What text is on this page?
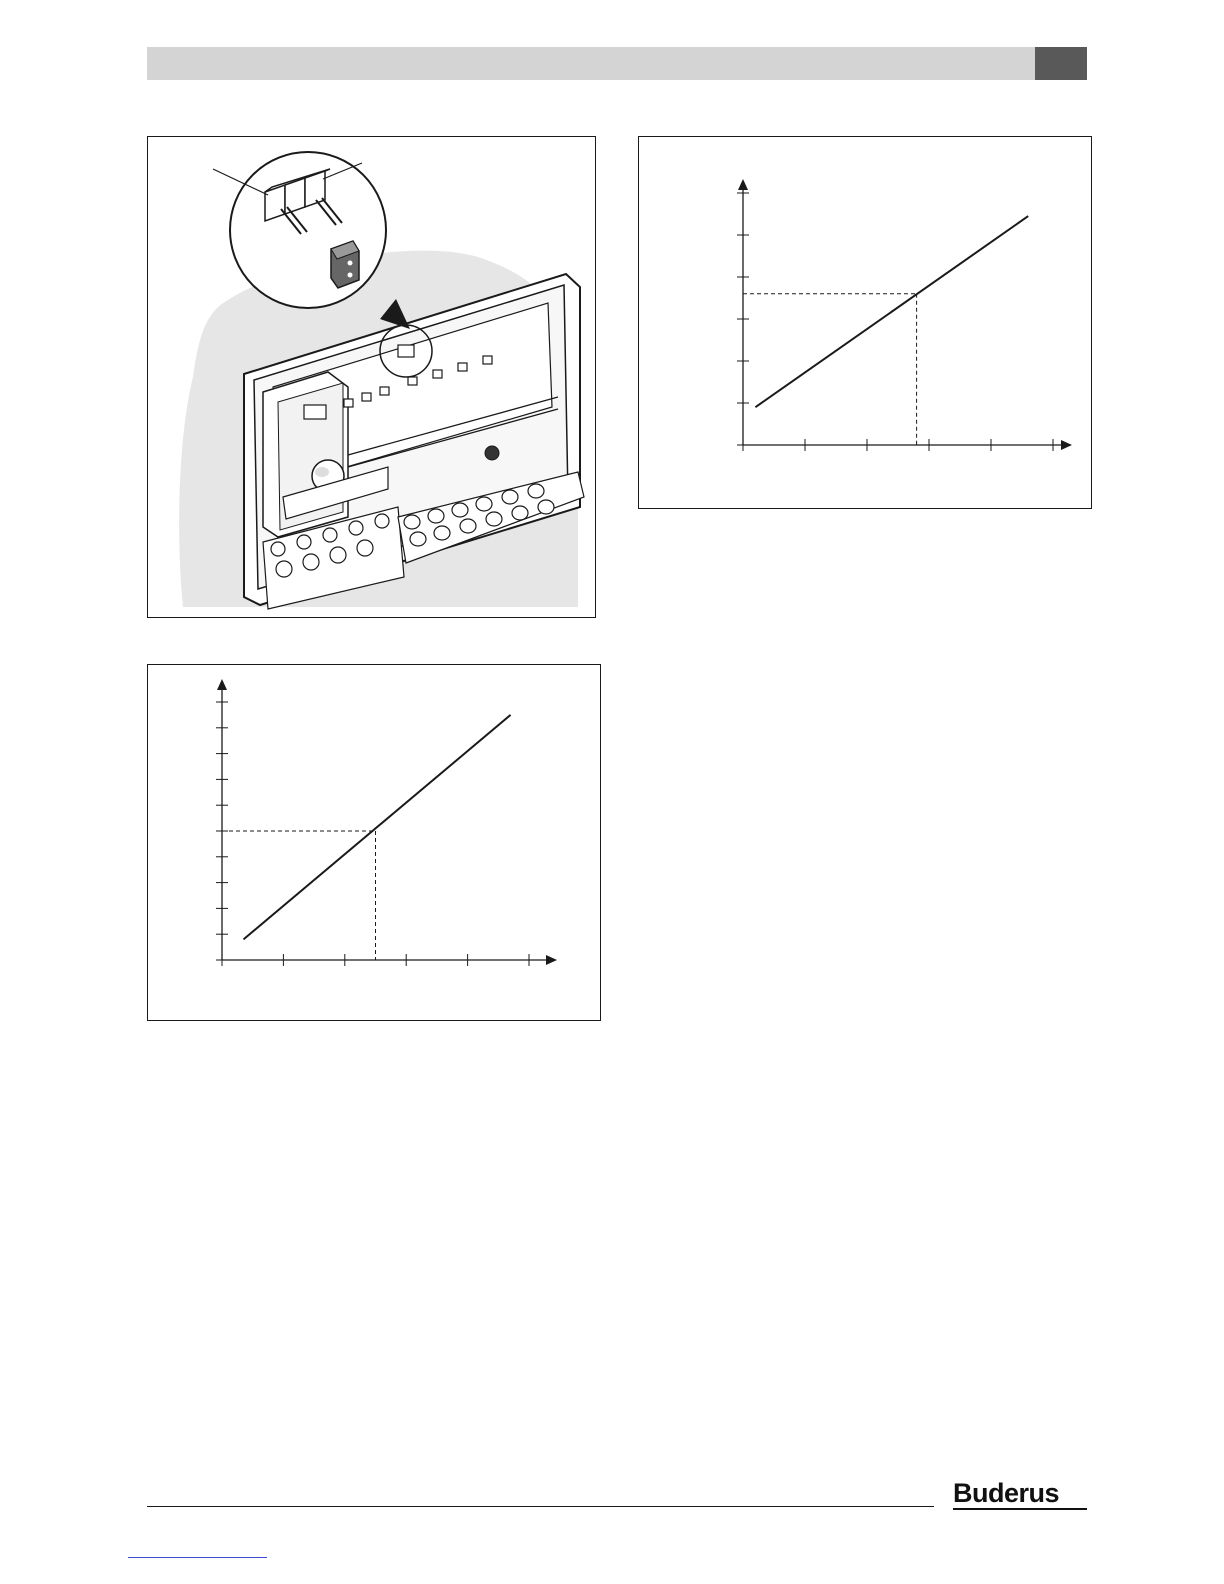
Buderus
